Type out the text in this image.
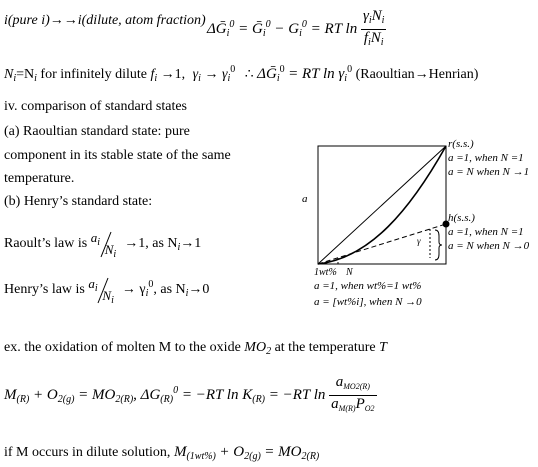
i(pure i)→→i(dilute, atom fraction)
ΔḠ$_i^0$ = Ḡ$_i^0$ − $G_i^0$ = RT $\ln \frac{\gamma_iN_i}{f_iN_i}$
$N_i=N_i$ for infinitely dilute $f_i \to 1$, $\gamma_i \to \gamma_i^0$ ∴ ΔḠ$_i^0$ = RT $\ln \gamma_i^0$ (Raoultian→Henrian)
iv. comparison of standard states
(a) Raoultian standard state: pure
component in its stable state of the same
temperature.
(b) Henry’s standard state:
Raoult’s law is $a_i$ $N_i$
→1, as $N_i\to 1$
Henry’s law is $a_i$ $N_i$
→ $\gamma_i^0$, as $N_i\to 0$
a
γ
1wt% N
r(s.s.)
a =1, when N =1
a = N when N →1
h(s.s.)
a =1, when N =1
a = N when N →0
a =1, when wt%=1 wt%
a = [wt%i], when N →0
ex. the oxidation of molten M to the oxide $MO_2$ at the temperature T
$M_{(R)} + O_{2(g)} = MO_{2(R)}$, $\Delta G_{(R)}^0 = -RT$ $\ln K_{(R)} = -RT$ $\ln \frac{a_{MO2(R)}}{a_{M(R)}P_{O2}}$
if M occurs in dilute solution, $M_{(1wt\%)} + O_{2(g)} = MO_{2(R)}$
